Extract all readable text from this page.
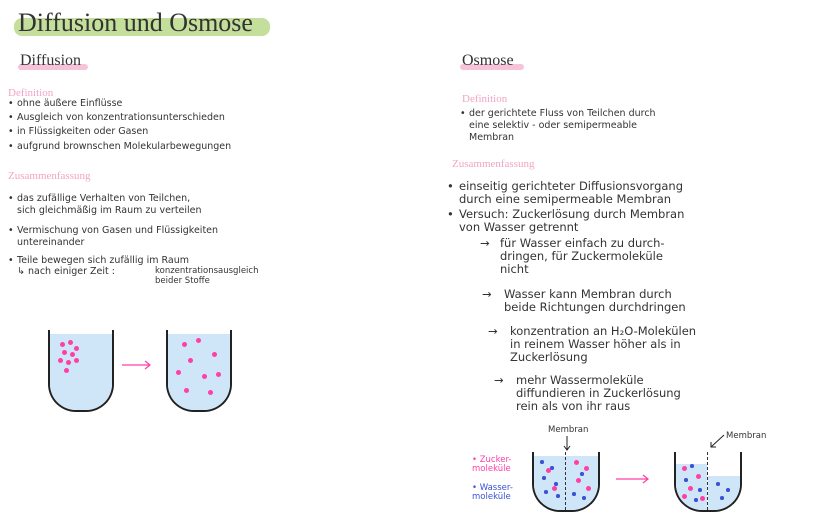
Diffusion und Osmose
Diffusion
Definition
• ohne äußere Einflüsse
• Ausgleich von konzentrationsunterschieden
• in Flüssigkeiten oder Gasen
• aufgrund brownschen Molekularbewegungen
Zusammenfassung
• das zufällige Verhalten von Teilchen,
sich gleichmäßig im Raum zu verteilen
• Vermischung von Gasen und Flüssigkeiten
untereinander
• Teile bewegen sich zufällig im Raum
↳ nach einiger Zeit :	konzentrationsausgleich
beider Stoffe
Osmose
Definition
• der gerichtete Fluss von Teilchen durch
eine selektiv - oder semipermeable
Membran
Zusammenfassung
• einseitig gerichteter Diffusionsvorgang
durch eine semipermeable Membran
• Versuch: Zuckerlösung durch Membran
von Wasser getrennt
→ für Wasser einfach zu durch-
dringen, für Zuckermoleküle
nicht
→	Wasser kann Membran durch
beide Richtungen durchdringen
→	konzentration an H₂O-Molekülen
in reinem Wasser höher als in
Zuckerlösung
→	mehr Wassermoleküle
diffundieren in Zuckerlösung
rein als von ihr raus
• Zucker-
moleküle
• Wasser-
moleküle
Membran
Membran
